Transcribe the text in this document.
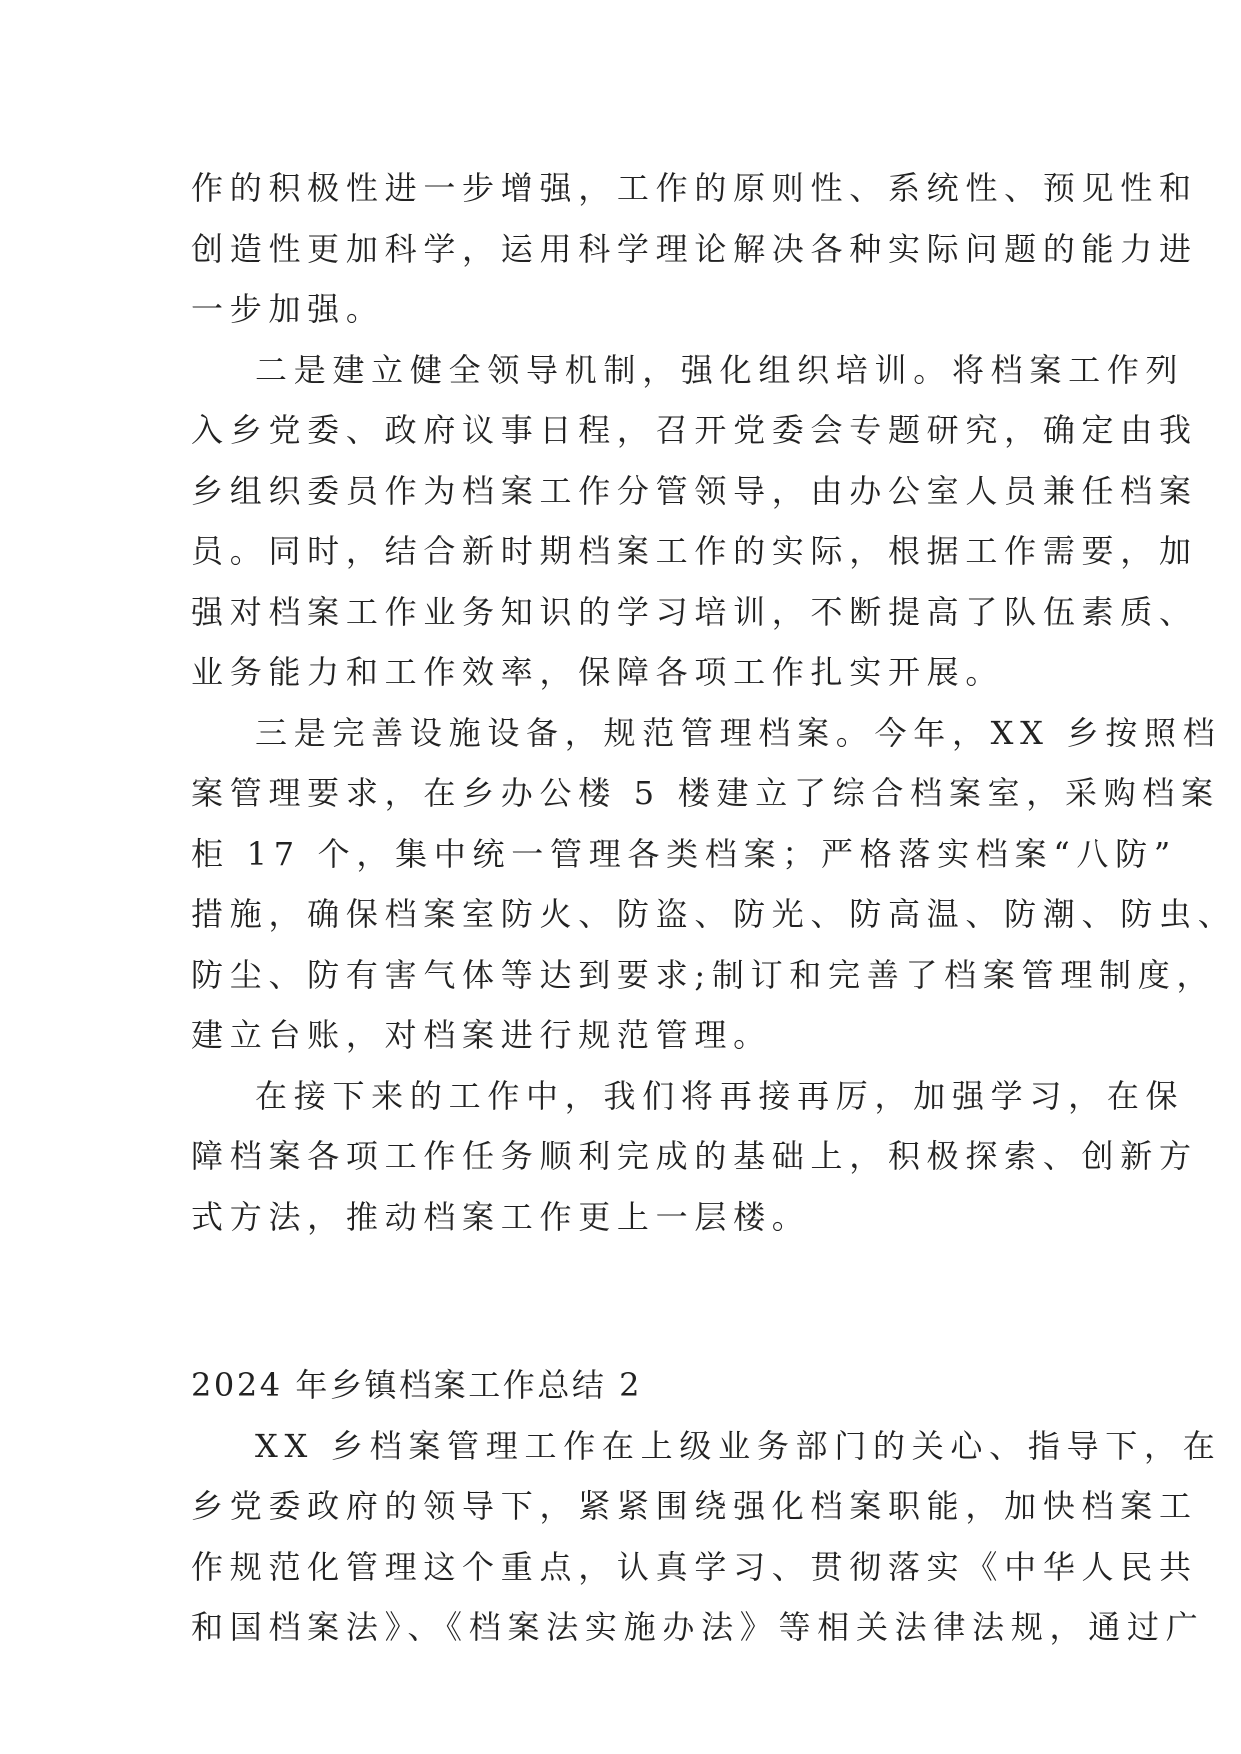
作的积极性进一步增强，工作的原则性、系统性、预见性和
创造性更加科学，运用科学理论解决各种实际问题的能力进
一步加强。
二是建立健全领导机制，强化组织培训。将档案工作列
入乡党委、政府议事日程，召开党委会专题研究，确定由我
乡组织委员作为档案工作分管领导，由办公室人员兼任档案
员。同时，结合新时期档案工作的实际，根据工作需要，加
强对档案工作业务知识的学习培训，不断提高了队伍素质、
业务能力和工作效率，保障各项工作扎实开展。
三是完善设施设备，规范管理档案。今年，XX 乡按照档
案管理要求，在乡办公楼 5 楼建立了综合档案室，采购档案
柜 17 个，集中统一管理各类档案；严格落实档案“八防”
措施，确保档案室防火、防盗、防光、防高温、防潮、防虫、
防尘、防有害气体等达到要求;制订和完善了档案管理制度，
建立台账，对档案进行规范管理。
在接下来的工作中，我们将再接再厉，加强学习，在保
障档案各项工作任务顺利完成的基础上，积极探索、创新方
式方法，推动档案工作更上一层楼。
2024 年乡镇档案工作总结 2
XX 乡档案管理工作在上级业务部门的关心、指导下，在
乡党委政府的领导下，紧紧围绕强化档案职能，加快档案工
作规范化管理这个重点，认真学习、贯彻落实《中华人民共
和国档案法》、《档案法实施办法》等相关法律法规，通过广
